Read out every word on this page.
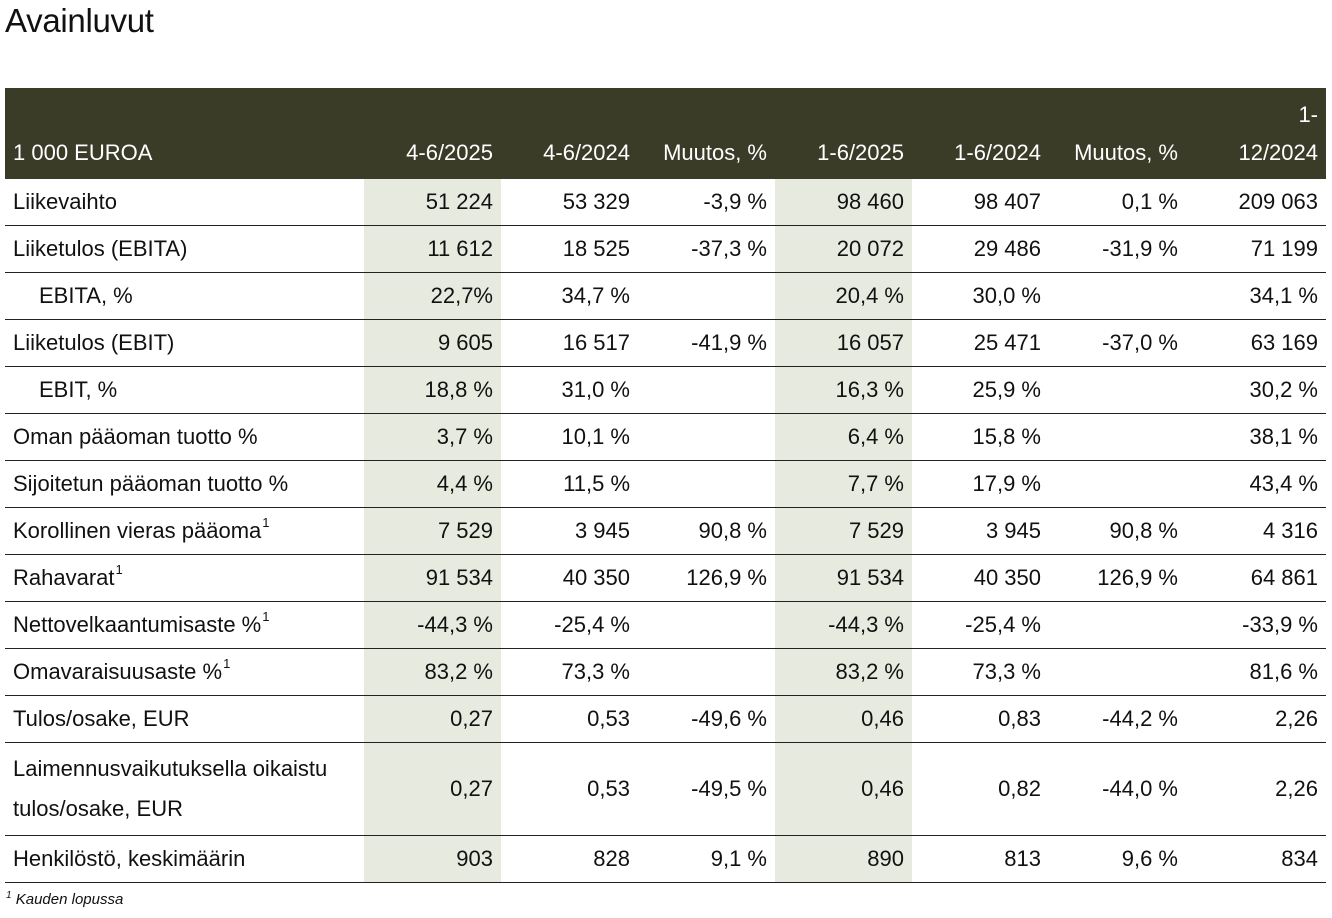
Avainluvut
1 000 EUROA	4-6/2025	4-6/2024	Muutos, %	1-6/2025	1-6/2024	Muutos, %	1-
12/2024

Liikevaihto	51 224	53 329	-3,9 %	98 460	98 407	0,1 %	209 063
Liiketulos (EBITA)	11 612	18 525	-37,3 %	20 072	29 486	-31,9 %	71 199
EBITA, %	22,7%	34,7 %		20,4 %	30,0 %		34,1 %
Liiketulos (EBIT)	9 605	16 517	-41,9 %	16 057	25 471	-37,0 %	63 169
EBIT, %	18,8 %	31,0 %		16,3 %	25,9 %		30,2 %
Oman pääoman tuotto %	3,7 %	10,1 %		6,4 %	15,8 %		38,1 %
Sijoitetun pääoman tuotto %	4,4 %	11,5 %		7,7 %	17,9 %		43,4 %
Korollinen vieras pääoma$^1$	7 529	3 945	90,8 %	7 529	3 945	90,8 %	4 316
Rahavarat$^1$	91 534	40 350	126,9 %	91 534	40 350	126,9 %	64 861
Nettovelkaantumisaste %$^1$	-44,3 %	-25,4 %		-44,3 %	-25,4 %		-33,9 %
Omavaraisuusaste %$^1$	83,2 %	73,3 %		83,2 %	73,3 %		81,6 %
Tulos/osake, EUR	0,27	0,53	-49,6 %	0,46	0,83	-44,2 %	2,26
Laimennusvaikutuksella oikaistu tulos/osake, EUR	0,27	0,53	-49,5 %	0,46	0,82	-44,0 %	2,26
Henkilöstö, keskimäärin	903	828	9,1 %	890	813	9,6 %	834
$^1$ Kauden lopussa
